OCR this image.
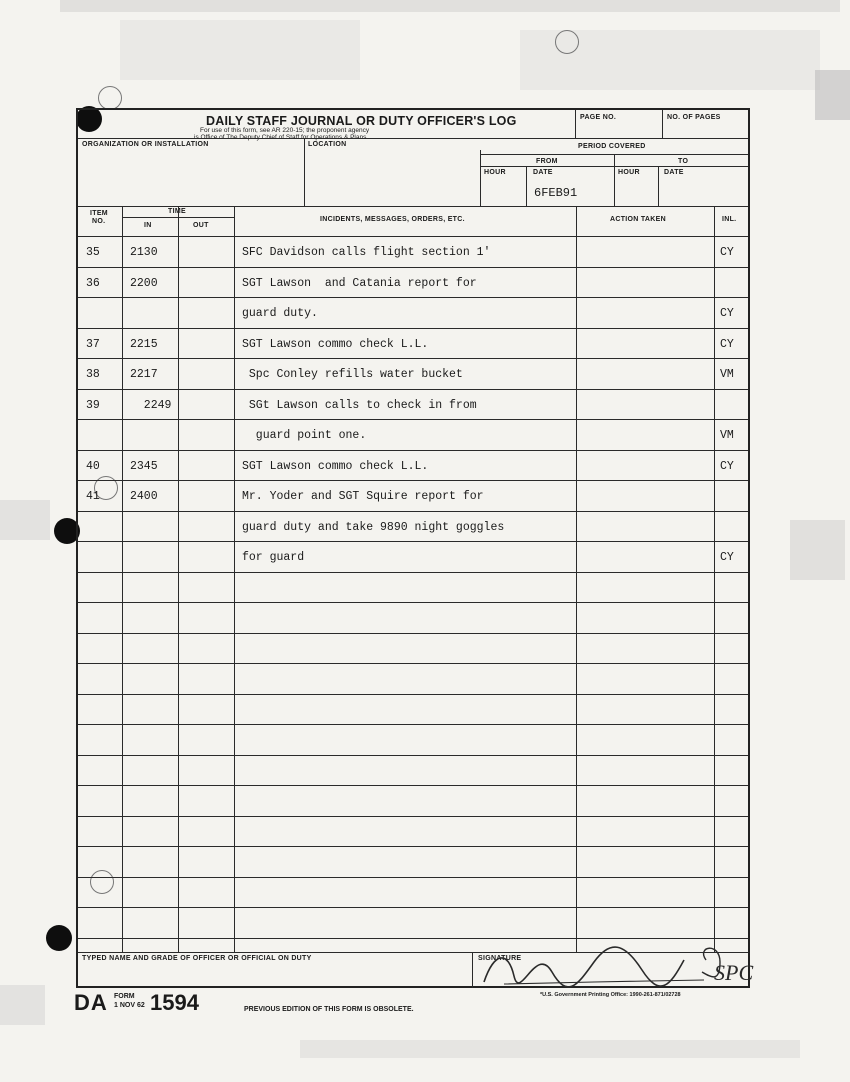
DAILY STAFF JOURNAL OR DUTY OFFICER'S LOG
For use of this form, see AR 220-15; the proponent agency
is Office of The Deputy Chief of Staff for Operations & Plans.
PAGE NO.	NO. OF PAGES
ORGANIZATION OR INSTALLATION	LOCATION	PERIOD COVERED
FROM	TO
HOUR	DATE
6FEB91
HOUR	DATE
ITEM
NO.
TIME
IN	OUT
INCIDENTS, MESSAGES, ORDERS, ETC.	ACTION TAKEN	INL.
35	2130	SFC Davidson calls flight section 1'	CY
36	2200	SGT Lawson  and Catania report for
guard duty.	CY
37	2215	SGT Lawson commo check L.L.	CY
38	2217	Spc Conley refills water bucket	VM
39	2249	SGt Lawson calls to check in from
guard point one.	VM
40	2345	SGT Lawson commo check L.L.	CY
41	2400	Mr. Yoder and SGT Squire report for
guard duty and take 9890 night goggles
for guard	CY
TYPED NAME AND GRADE OF OFFICER OR OFFICIAL ON DUTY	SIGNATURE
SPC
DA FORM
1 NOV 62 1594	PREVIOUS EDITION OF THIS FORM IS OBSOLETE.
*U.S. Government Printing Office: 1990-261-871/02728
